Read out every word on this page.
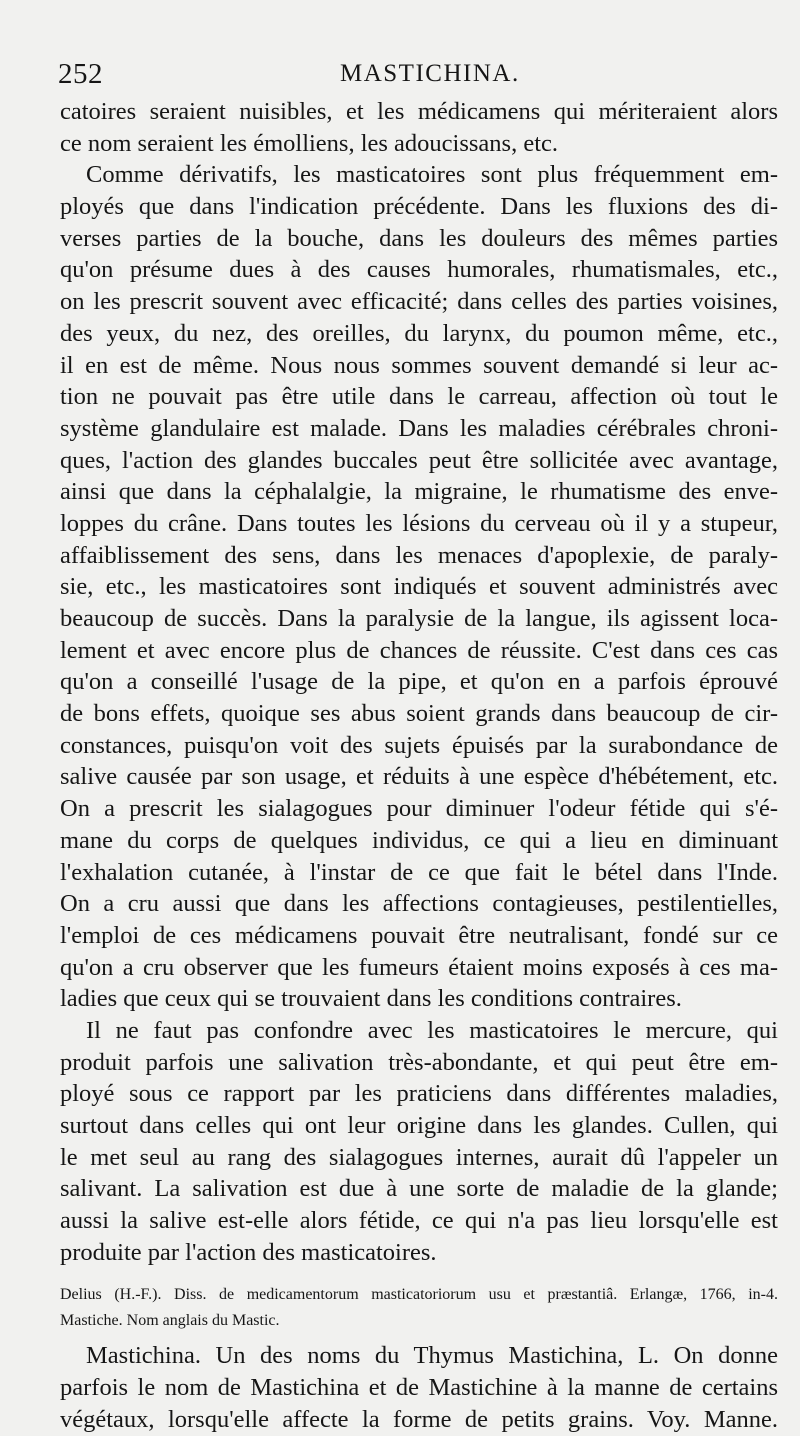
252	MASTICHINA.
catoires seraient nuisibles, et les médicamens qui mériteraient alors
ce nom seraient les émolliens, les adoucissans, etc.
Comme dérivatifs, les masticatoires sont plus fréquemment em-
ployés que dans l'indication précédente. Dans les fluxions des di-
verses parties de la bouche, dans les douleurs des mêmes parties
qu'on présume dues à des causes humorales, rhumatismales, etc.,
on les prescrit souvent avec efficacité; dans celles des parties voisines,
des yeux, du nez, des oreilles, du larynx, du poumon même, etc.,
il en est de même. Nous nous sommes souvent demandé si leur ac-
tion ne pouvait pas être utile dans le carreau, affection où tout le
système glandulaire est malade. Dans les maladies cérébrales chroni-
ques, l'action des glandes buccales peut être sollicitée avec avantage,
ainsi que dans la céphalalgie, la migraine, le rhumatisme des enve-
loppes du crâne. Dans toutes les lésions du cerveau où il y a stupeur,
affaiblissement des sens, dans les menaces d'apoplexie, de paraly-
sie, etc., les masticatoires sont indiqués et souvent administrés avec
beaucoup de succès. Dans la paralysie de la langue, ils agissent loca-
lement et avec encore plus de chances de réussite. C'est dans ces cas
qu'on a conseillé l'usage de la pipe, et qu'on en a parfois éprouvé
de bons effets, quoique ses abus soient grands dans beaucoup de cir-
constances, puisqu'on voit des sujets épuisés par la surabondance de
salive causée par son usage, et réduits à une espèce d'hébétement, etc.
On a prescrit les sialagogues pour diminuer l'odeur fétide qui s'é-
mane du corps de quelques individus, ce qui a lieu en diminuant
l'exhalation cutanée, à l'instar de ce que fait le bétel dans l'Inde.
On a cru aussi que dans les affections contagieuses, pestilentielles,
l'emploi de ces médicamens pouvait être neutralisant, fondé sur ce
qu'on a cru observer que les fumeurs étaient moins exposés à ces ma-
ladies que ceux qui se trouvaient dans les conditions contraires.
Il ne faut pas confondre avec les masticatoires le mercure, qui
produit parfois une salivation très-abondante, et qui peut être em-
ployé sous ce rapport par les praticiens dans différentes maladies,
surtout dans celles qui ont leur origine dans les glandes. Cullen, qui
le met seul au rang des sialagogues internes, aurait dû l'appeler un
salivant. La salivation est due à une sorte de maladie de la glande;
aussi la salive est-elle alors fétide, ce qui n'a pas lieu lorsqu'elle est
produite par l'action des masticatoires.
Delius (H.-F.). Diss. de medicamentorum masticatoriorum usu et præstantiâ. Erlangæ, 1766, in-4.
Mastiche. Nom anglais du Mastic.
Mastichina. Un des noms du Thymus Mastichina, L. On donne
parfois le nom de Mastichina et de Mastichine à la manne de certains
végétaux, lorsqu'elle affecte la forme de petits grains. Voy. Manne.
